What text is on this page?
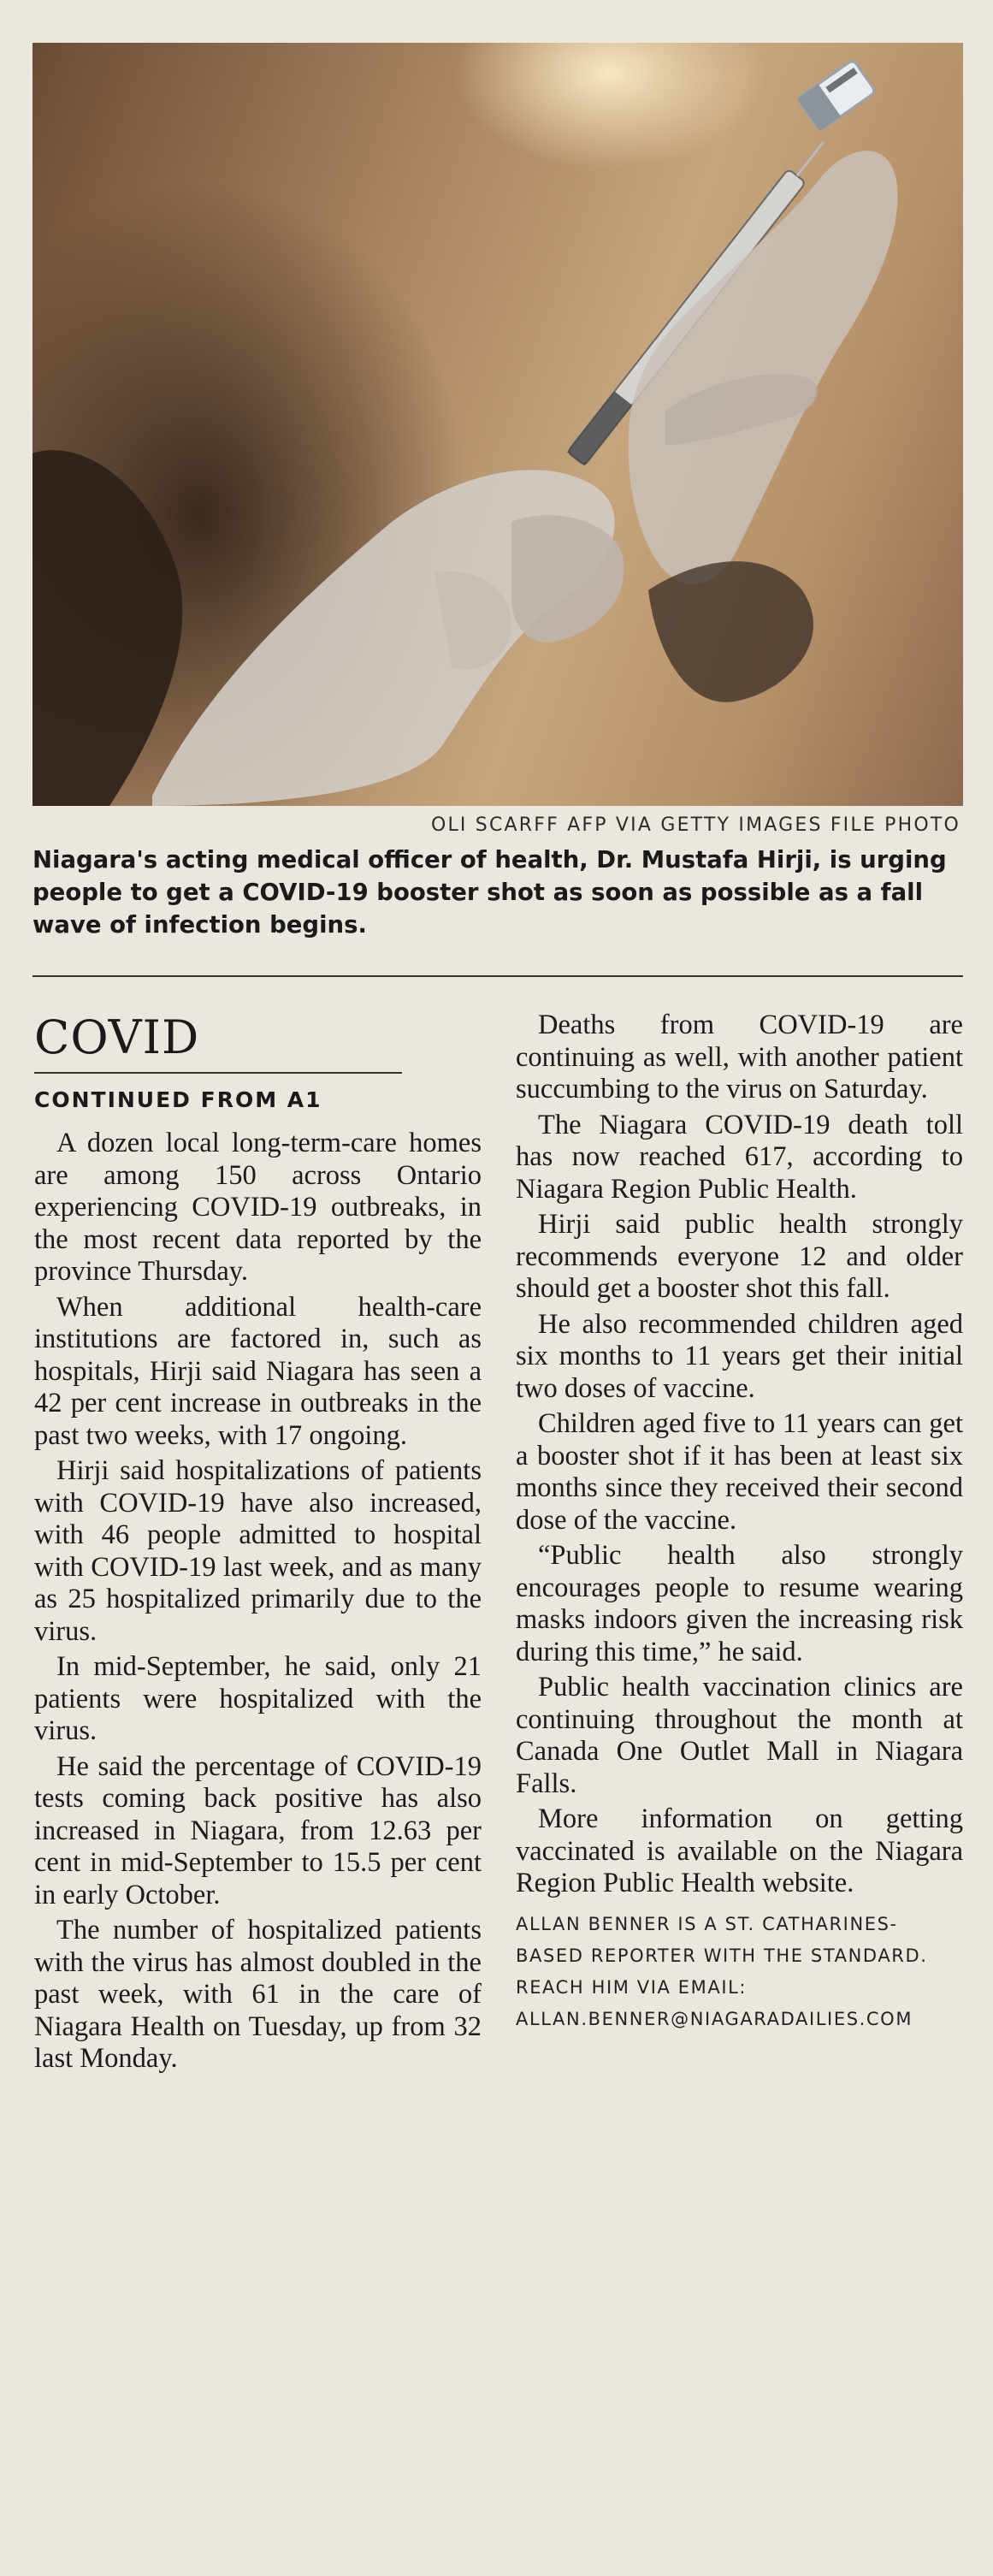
OLI SCARFF AFP VIA GETTY IMAGES FILE PHOTO

Niagara's acting medical officer of health, Dr. Mustafa Hirji, is urging people to get a COVID-19 booster shot as soon as possible as a fall wave of infection begins.

COVID
CONTINUED FROM A1

A dozen local long-term-care homes are among 150 across Ontario experiencing COVID-19 outbreaks, in the most recent data reported by the province Thursday.

When additional health-care institutions are factored in, such as hospitals, Hirji said Niagara has seen a 42 per cent increase in outbreaks in the past two weeks, with 17 ongoing.

Hirji said hospitalizations of patients with COVID-19 have also increased, with 46 people admitted to hospital with COVID-19 last week, and as many as 25 hospitalized primarily due to the virus.

In mid-September, he said, only 21 patients were hospitalized with the virus.

He said the percentage of COVID-19 tests coming back positive has also increased in Niagara, from 12.63 per cent in mid-September to 15.5 per cent in early October.

The number of hospitalized patients with the virus has almost doubled in the past week, with 61 in the care of Niagara Health on Tuesday, up from 32 last Monday.

Deaths from COVID-19 are continuing as well, with another patient succumbing to the virus on Saturday.

The Niagara COVID-19 death toll has now reached 617, according to Niagara Region Public Health.

Hirji said public health strongly recommends everyone 12 and older should get a booster shot this fall.

He also recommended children aged six months to 11 years get their initial two doses of vaccine.

Children aged five to 11 years can get a booster shot if it has been at least six months since they received their second dose of the vaccine.

“Public health also strongly encourages people to resume wearing masks indoors given the increasing risk during this time,” he said.

Public health vaccination clinics are continuing throughout the month at Canada One Outlet Mall in Niagara Falls.

More information on getting vaccinated is available on the Niagara Region Public Health website.

ALLAN BENNER IS A ST. CATHARINES-BASED REPORTER WITH THE STANDARD. REACH HIM VIA EMAIL: ALLAN.BENNER@NIAGARADAILIES.COM
